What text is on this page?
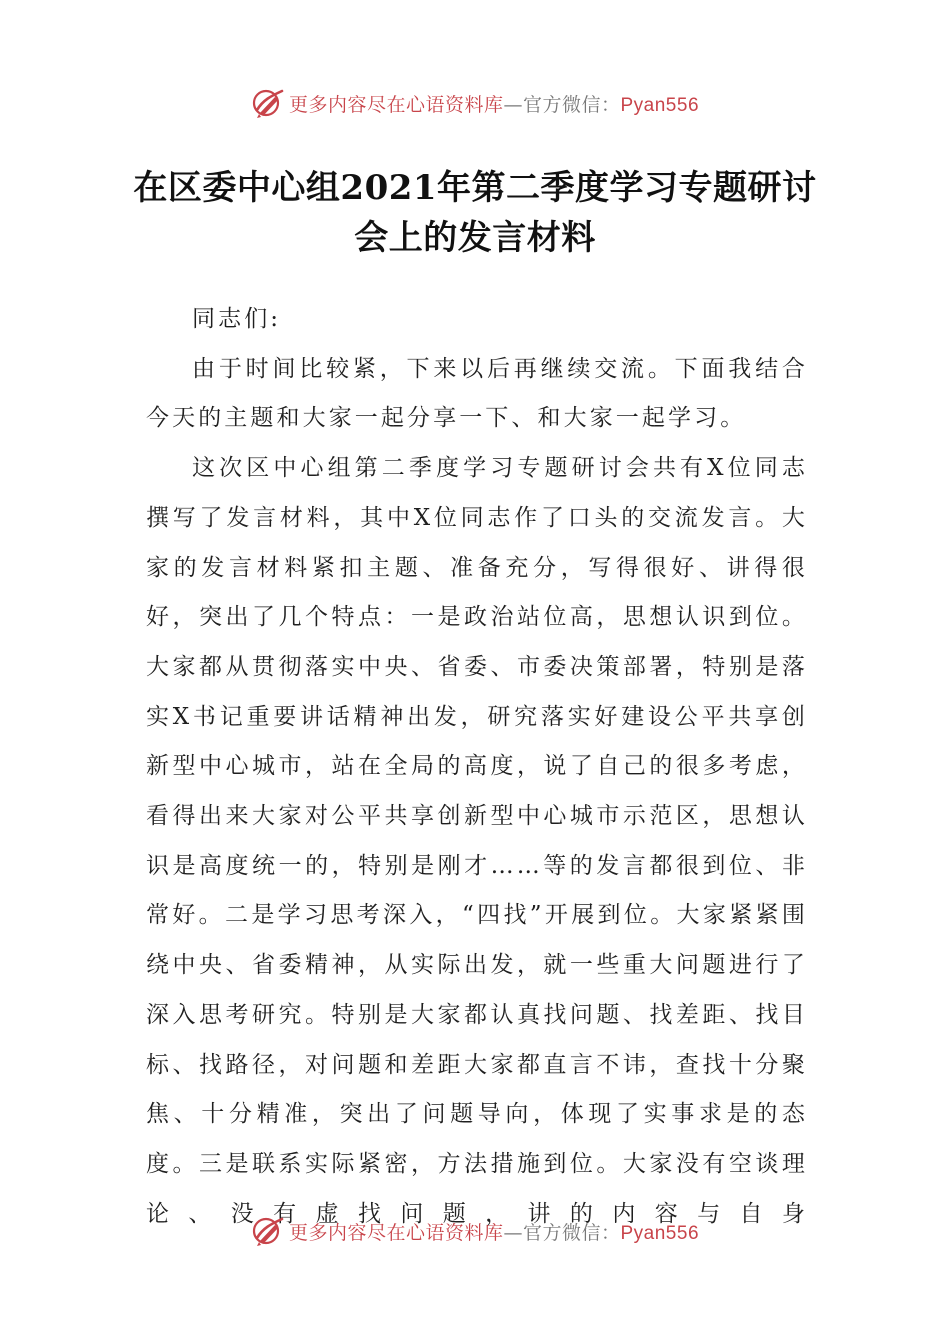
更多内容尽在心语资料库—官方微信：Pyan556
在区委中心组2021年第二季度学习专题研讨会上的发言材料

同志们:

由于时间比较紧，下来以后再继续交流。下面我结合今天的主题和大家一起分享一下、和大家一起学习。

这次区中心组第二季度学习专题研讨会共有X位同志撰写了发言材料，其中X位同志作了口头的交流发言。大家的发言材料紧扣主题、准备充分，写得很好、讲得很好，突出了几个特点：一是政治站位高，思想认识到位。大家都从贯彻落实中央、省委、市委决策部署，特别是落实X书记重要讲话精神出发，研究落实好建设公平共享创新型中心城市，站在全局的高度，说了自己的很多考虑，看得出来大家对公平共享创新型中心城市示范区，思想认识是高度统一的，特别是刚才……等的发言都很到位、非常好。二是学习思考深入，“四找”开展到位。大家紧紧围绕中央、省委精神，从实际出发，就一些重大问题进行了深入思考研究。特别是大家都认真找问题、找差距、找目标、找路径，对问题和差距大家都直言不讳，查找十分聚焦、十分精准，突出了问题导向，体现了实事求是的态度。三是联系实际紧密，方法措施到位。大家没有空谈理论、没有虚找问题，讲的内容与自身

更多内容尽在心语资料库—官方微信：Pyan556
